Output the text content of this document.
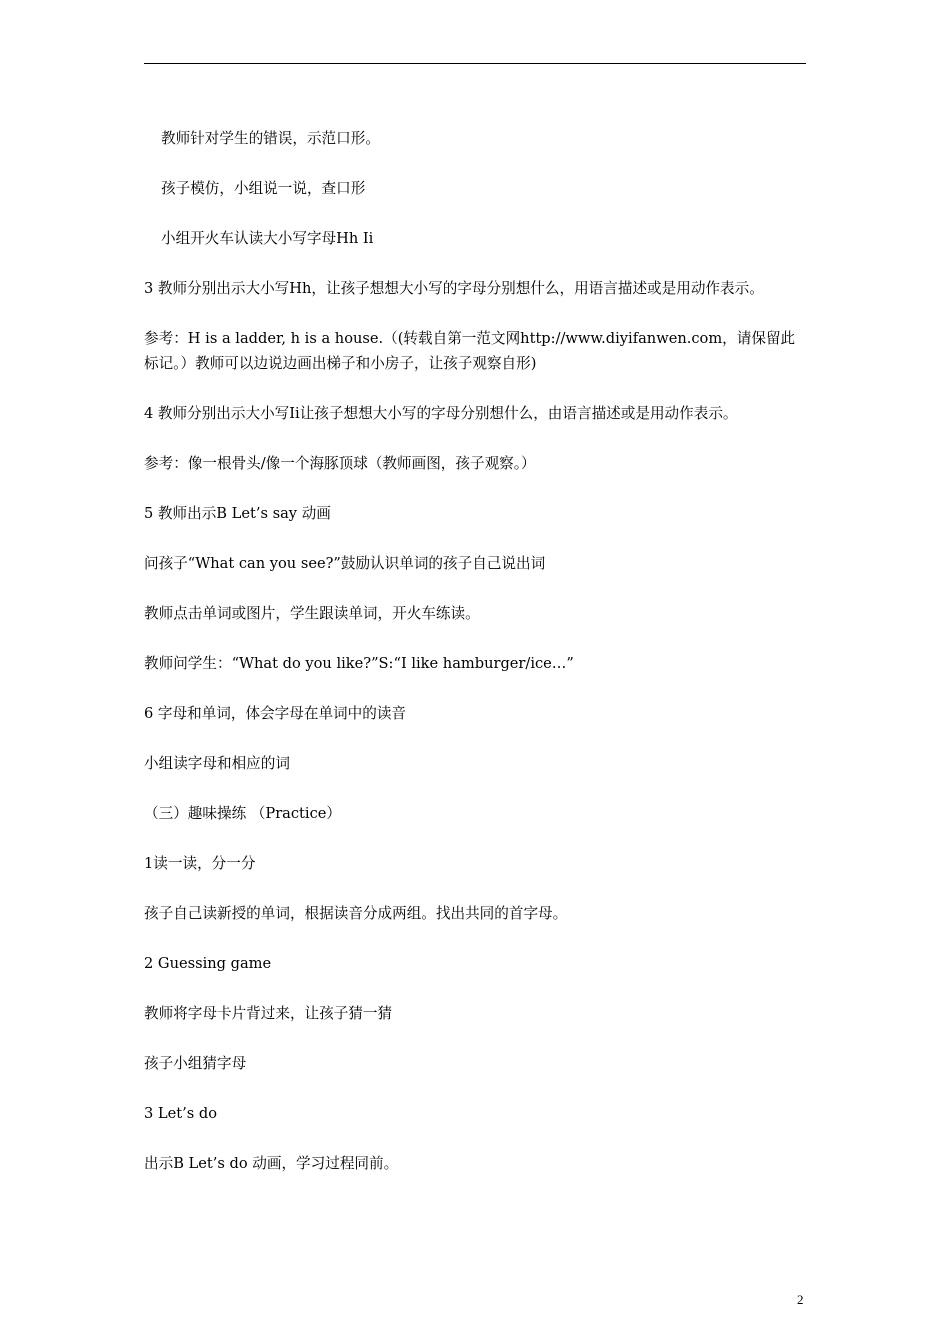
教师针对学生的错误，示范口形。

孩子模仿，小组说一说，查口形

小组开火车认读大小写字母Hh Ii

3 教师分别出示大小写Hh，让孩子想想大小写的字母分别想什么，用语言描述或是用动作表示。

参考：H is a ladder, h is a house.（(转载自第一范文网http://www.diyifanwen.com，请保留此标记。）教师可以边说边画出梯子和小房子，让孩子观察自形)

4 教师分别出示大小写Ii让孩子想想大小写的字母分别想什么，由语言描述或是用动作表示。

参考：像一根骨头/像一个海豚顶球（教师画图，孩子观察。）

5 教师出示B Let’s say 动画

问孩子“What can you see?”鼓励认识单词的孩子自己说出词

教师点击单词或图片，学生跟读单词，开火车练读。

教师问学生：“What do you like?”S:“I like hamburger/ice…”

6 字母和单词，体会字母在单词中的读音

小组读字母和相应的词

（三）趣味操练 （Practice）

1读一读，分一分

孩子自己读新授的单词，根据读音分成两组。找出共同的首字母。

2 Guessing game

教师将字母卡片背过来，让孩子猜一猜

孩子小组猜字母

3 Let’s do

出示B Let’s do 动画，学习过程同前。

2
